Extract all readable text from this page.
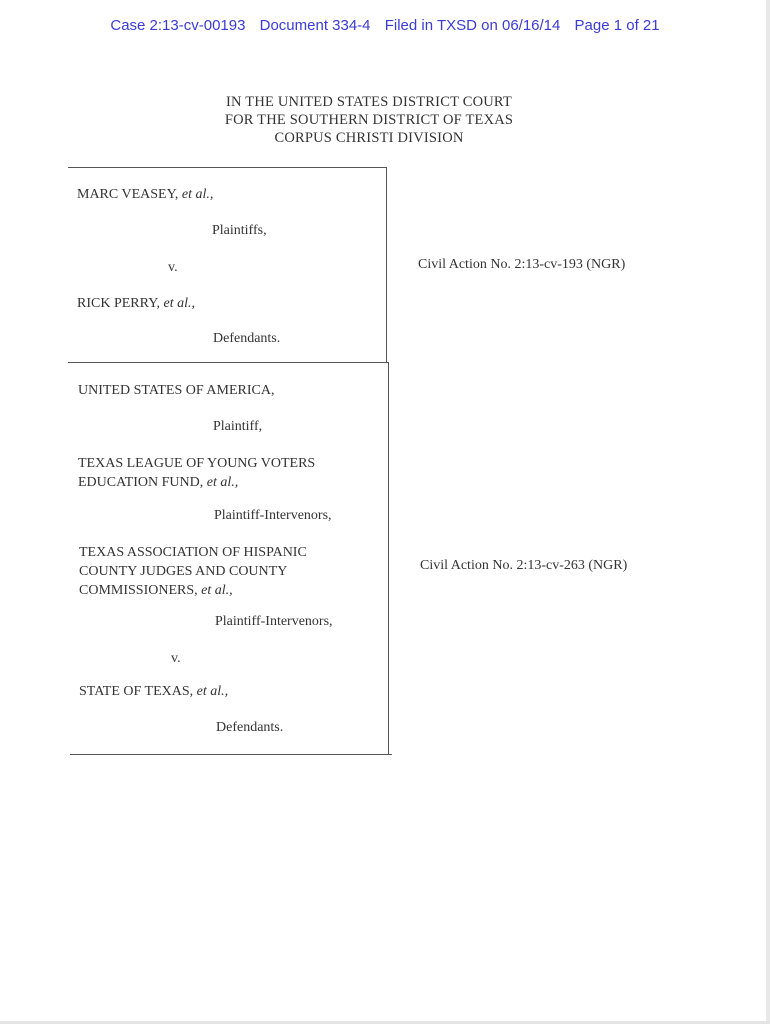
Case 2:13-cv-00193 Document 334-4 Filed in TXSD on 06/16/14 Page 1 of 21
IN THE UNITED STATES DISTRICT COURT
FOR THE SOUTHERN DISTRICT OF TEXAS
CORPUS CHRISTI DIVISION
MARC VEASEY, et al.,
Plaintiffs,
v.
RICK PERRY, et al.,
Defendants.
Civil Action No. 2:13-cv-193 (NGR)
UNITED STATES OF AMERICA,
Plaintiff,
TEXAS LEAGUE OF YOUNG VOTERS
EDUCATION FUND, et al.,
Plaintiff-Intervenors,
TEXAS ASSOCIATION OF HISPANIC
COUNTY JUDGES AND COUNTY
COMMISSIONERS, et al.,
Plaintiff-Intervenors,
v.
STATE OF TEXAS, et al.,
Defendants.
Civil Action No. 2:13-cv-263 (NGR)
